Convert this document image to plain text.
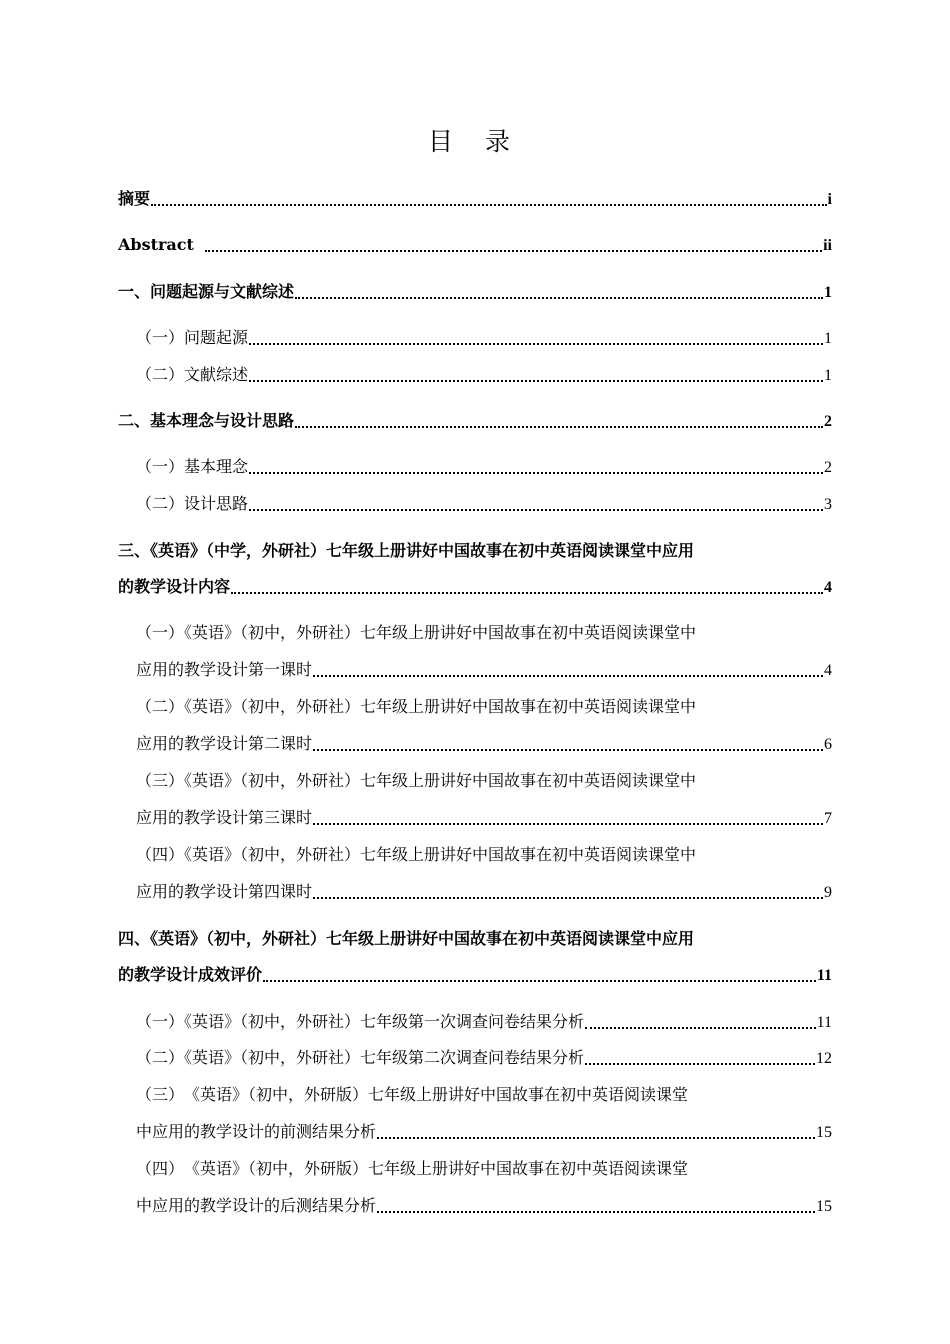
目 录
摘要	i
Abstract	ii
一、问题起源与文献综述	1
（一）问题起源	1
（二）文献综述	1
二、基本理念与设计思路	2
（一）基本理念	2
（二）设计思路	3
三、《英语》（中学，外研社）七年级上册讲好中国故事在初中英语阅读课堂中应用
的教学设计内容	4
（一）《英语》（初中，外研社）七年级上册讲好中国故事在初中英语阅读课堂中
应用的教学设计第一课时	4
（二）《英语》（初中，外研社）七年级上册讲好中国故事在初中英语阅读课堂中
应用的教学设计第二课时	6
（三）《英语》（初中，外研社）七年级上册讲好中国故事在初中英语阅读课堂中
应用的教学设计第三课时	7
（四）《英语》（初中，外研社）七年级上册讲好中国故事在初中英语阅读课堂中
应用的教学设计第四课时	9
四、《英语》（初中，外研社）七年级上册讲好中国故事在初中英语阅读课堂中应用
的教学设计成效评价	11
（一）《英语》（初中，外研社）七年级第一次调查问卷结果分析	11
（二）《英语》（初中，外研社）七年级第二次调查问卷结果分析	12
（三）　《英语》（初中，外研版）七年级上册讲好中国故事在初中英语阅读课堂
中应用的教学设计的前测结果分析	15
（四）　《英语》（初中，外研版）七年级上册讲好中国故事在初中英语阅读课堂
中应用的教学设计的后测结果分析	15
